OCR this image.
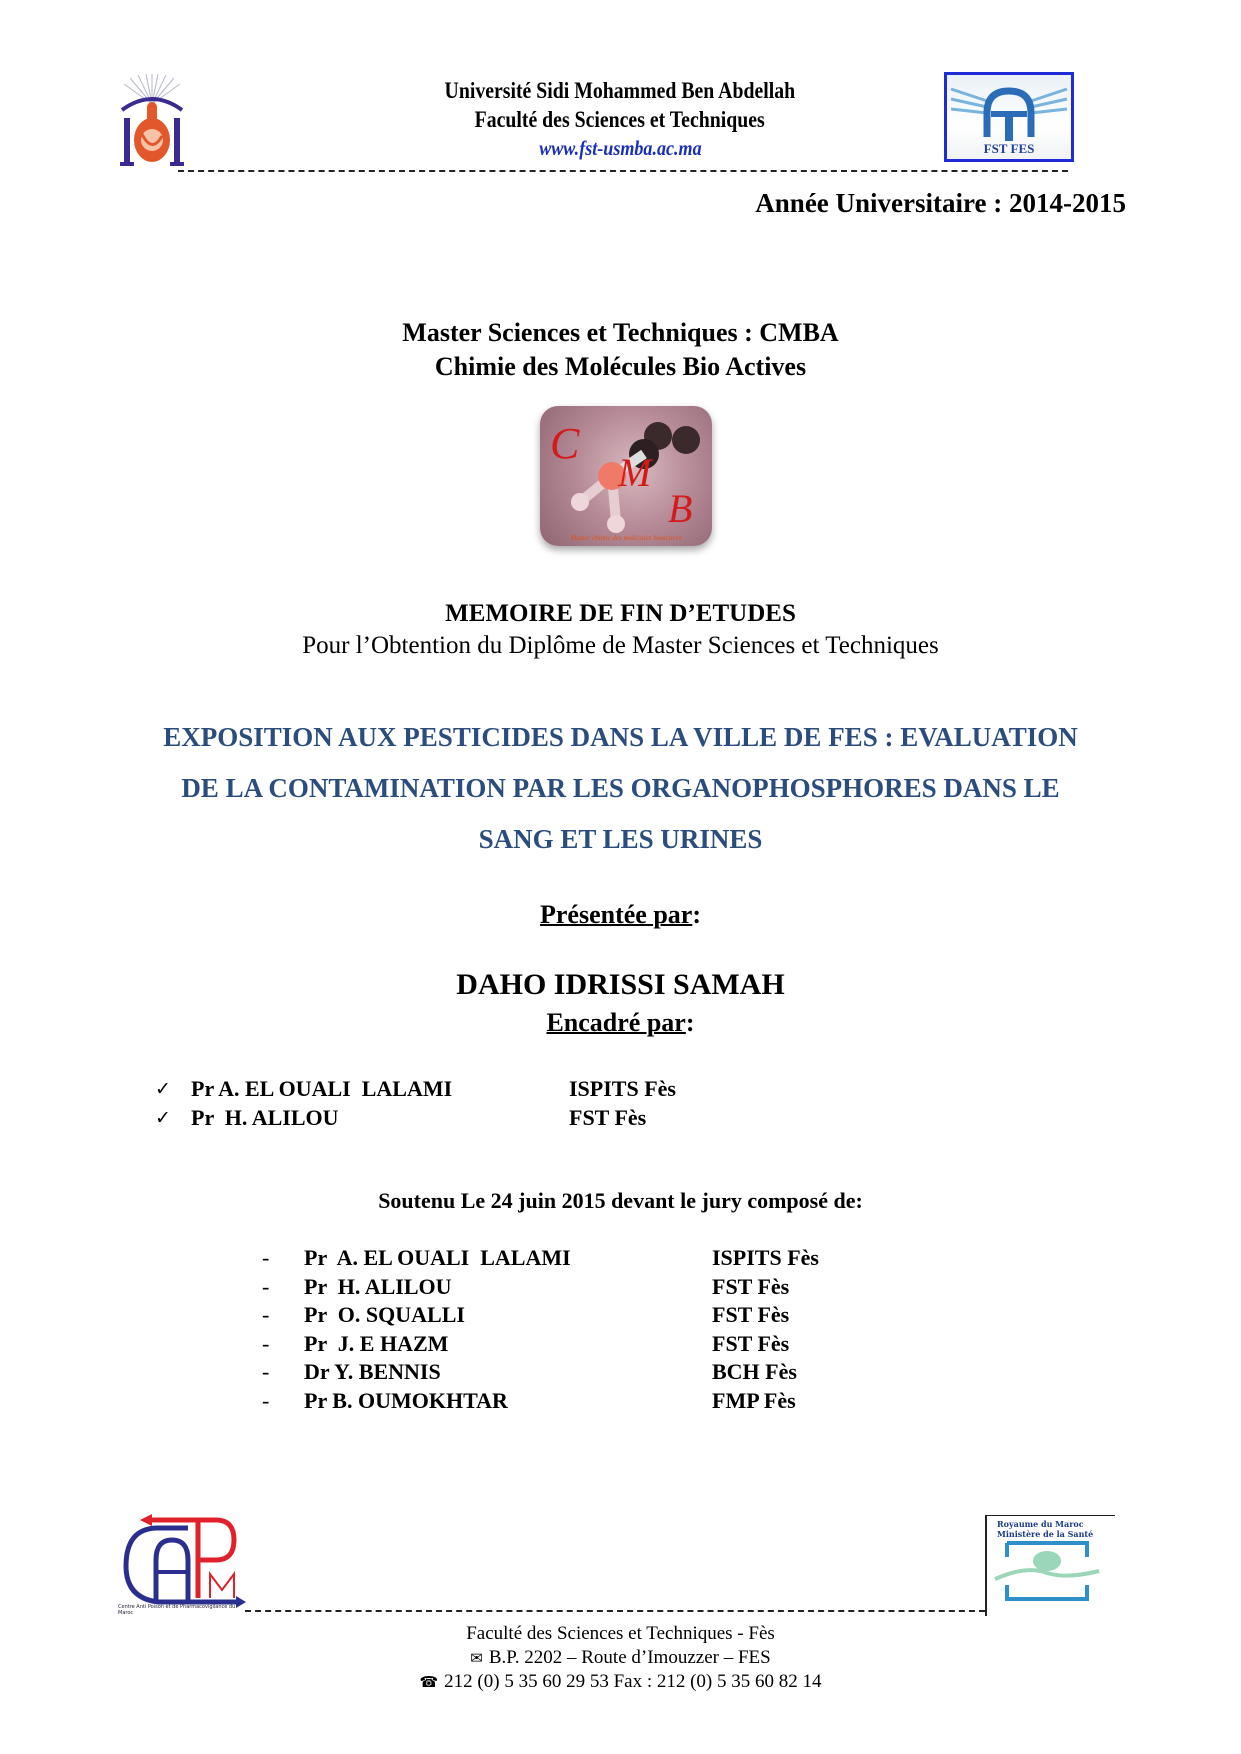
Université Sidi Mohammed Ben Abdellah
Faculté des Sciences et Techniques
www.fst-usmba.ac.ma	FST FES
Année Universitaire : 2014-2015
Master Sciences et Techniques : CMBA
Chimie des Molécules Bio Actives
C
M
B
Master chimie des molécules bioactives
MEMOIRE DE FIN D’ETUDES
Pour l’Obtention du Diplôme de Master Sciences et Techniques
EXPOSITION AUX PESTICIDES DANS LA VILLE DE FES : EVALUATION
DE LA CONTAMINATION PAR LES ORGANOPHOSPHORES DANS LE
SANG ET LES URINES
Présentée par:
DAHO IDRISSI SAMAH
Encadré par:
✓ Pr A. EL OUALI  LALAMI	ISPITS Fès
✓ Pr  H. ALILOU	FST Fès
Soutenu Le 24 juin 2015 devant le jury composé de:
-	Pr  A. EL OUALI  LALAMI	ISPITS Fès
-	Pr  H. ALILOU	FST Fès
-	Pr  O. SQUALLI	FST Fès
-	Pr  J. E HAZM	FST Fès
-	Dr Y. BENNIS	BCH Fès
-	Pr B. OUMOKHTAR	FMP Fès
Centre Anti Poison et de Pharmacovigilance du Maroc
Royaume du Maroc
Ministère de la Santé
Faculté des Sciences et Techniques - Fès
✉ B.P. 2202 – Route d’Imouzzer – FES
☎ 212 (0) 5 35 60 29 53 Fax : 212 (0) 5 35 60 82 14
